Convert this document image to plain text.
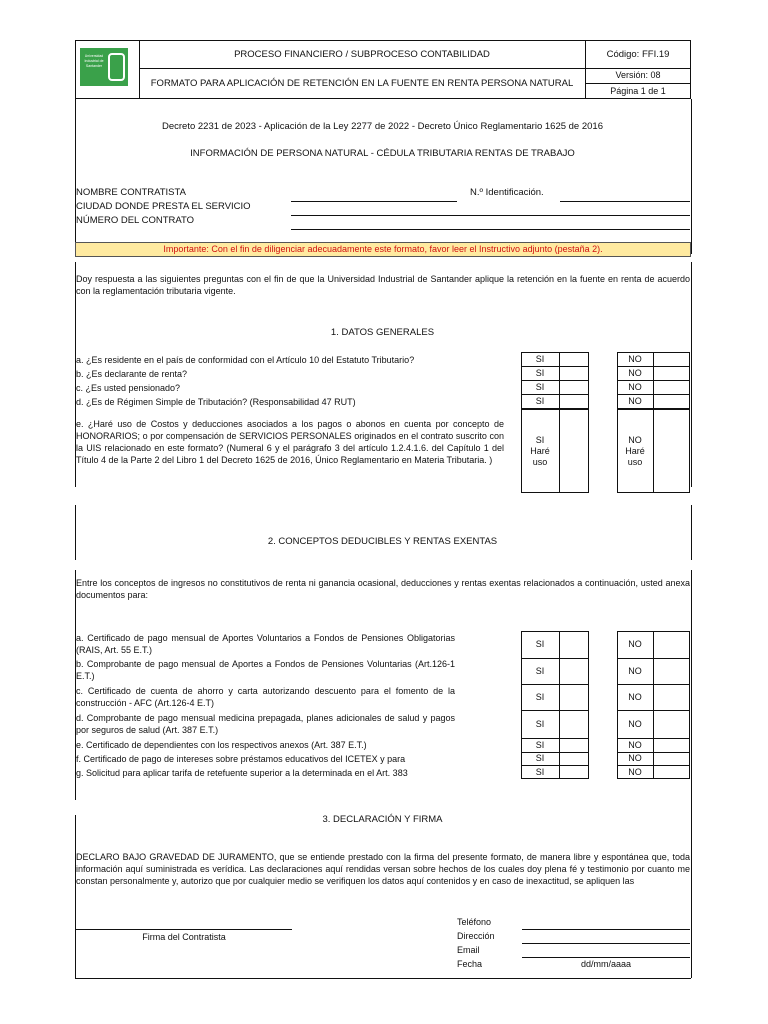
Universidad Industrial de Santander
PROCESO FINANCIERO / SUBPROCESO CONTABILIDAD
FORMATO PARA APLICACIÓN DE RETENCIÓN EN LA FUENTE EN RENTA PERSONA NATURAL
Código: FFI.19
Versión: 08
Página 1 de 1
Decreto 2231 de 2023 - Aplicación de la Ley 2277 de 2022 - Decreto Único Reglamentario 1625 de 2016
INFORMACIÓN DE PERSONA NATURAL - CÉDULA TRIBUTARIA RENTAS DE TRABAJO
NOMBRE CONTRATISTA	N.º Identificación.
CIUDAD DONDE PRESTA EL SERVICIO
NÚMERO DEL CONTRATO
Importante: Con el fin de diligenciar adecuadamente este formato, favor leer el Instructivo adjunto (pestaña 2).
Doy respuesta a las siguientes preguntas con el fin de que la Universidad Industrial de Santander aplique la retención en la fuente en renta de acuerdo con la reglamentación tributaria vigente.
1. DATOS GENERALES
a. ¿Es residente en el país de conformidad con el Artículo 10 del Estatuto Tributario?
b. ¿Es declarante de renta?
c. ¿Es usted pensionado?
d. ¿Es de Régimen Simple de Tributación? (Responsabilidad 47 RUT)
SI
SI
SI
SI
NO
NO
NO
NO
e. ¿Haré uso de Costos y deducciones asociados a los pagos o abonos en cuenta por concepto de HONORARIOS; o por compensación de SERVICIOS PERSONALES originados en el contrato suscrito con la UIS relacionado en este formato? (Numeral 6 y el parágrafo 3 del artículo 1.2.4.1.6. del Capítulo 1 del Título 4 de la Parte 2 del Libro 1 del Decreto 1625 de 2016, Único Reglamentario en Materia Tributaria. )
SI Haré uso
NO Haré uso
2. CONCEPTOS DEDUCIBLES Y RENTAS EXENTAS
Entre los conceptos de ingresos no constitutivos de renta ni ganancia ocasional, deducciones y rentas exentas relacionados a continuación, usted anexa documentos para:
a. Certificado de pago mensual de Aportes Voluntarios a Fondos de Pensiones Obligatorias (RAIS, Art. 55 E.T.)
b. Comprobante de pago mensual de Aportes a Fondos de Pensiones Voluntarias (Art.126-1 E.T.)
c. Certificado de cuenta de ahorro y carta autorizando descuento para el fomento de la construcción - AFC (Art.126-4 E.T)
d. Comprobante de pago mensual medicina prepagada, planes adicionales de salud y pagos por seguros de salud (Art. 387 E.T.)
e. Certificado de dependientes con los respectivos anexos (Art. 387 E.T.)
f. Certificado de pago de intereses sobre préstamos educativos del ICETEX y para
g. Solicitud para aplicar tarifa de retefuente superior a la determinada en el Art. 383
SI
SI
SI
SI
SI
SI
SI
NO
NO
NO
NO
NO
NO
NO
3. DECLARACIÓN Y FIRMA
DECLARO BAJO GRAVEDAD DE JURAMENTO, que se entiende prestado con la firma del presente formato, de manera libre y espontánea que, toda información aquí suministrada es verídica. Las declaraciones aquí rendidas versan sobre hechos de los cuales doy plena fé y testimonio por cuanto me constan personalmente y, autorizo que por cualquier medio se verifiquen los datos aquí contenidos y en caso de inexactitud, se apliquen las
Firma del Contratista
Teléfono
Dirección
Email
Fecha	dd/mm/aaaa
